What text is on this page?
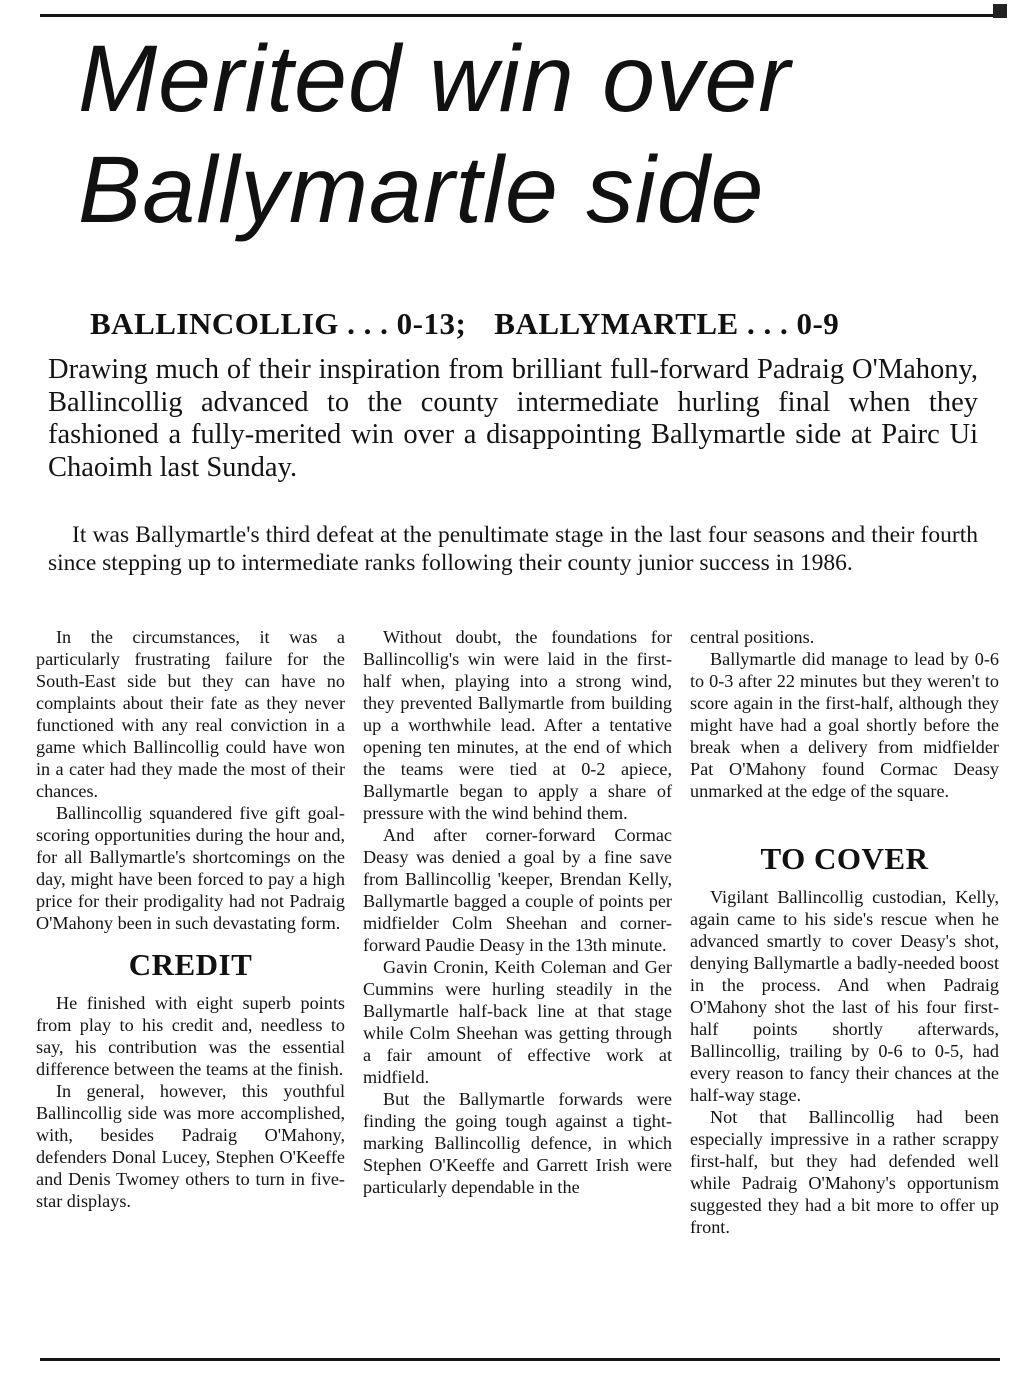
Merited win over
Ballymartle side
BALLINCOLLIG . . . 0-13; BALLYMARTLE . . . 0-9
Drawing much of their inspiration from brilliant full-forward Padraig O'Mahony, Ballincollig advanced to the county intermediate hurling final when they fashioned a fully-merited win over a disappointing Ballymartle side at Pairc Ui Chaoimh last Sunday.
It was Ballymartle's third defeat at the penultimate stage in the last four seasons and their fourth since stepping up to intermediate ranks following their county junior success in 1986.

In the circumstances, it was a particularly frustrating failure for the South-East side but they can have no complaints about their fate as they never functioned with any real conviction in a game which Ballincollig could have won in a cater had they made the most of their chances.

Ballincollig squandered five gift goal-scoring opportunities during the hour and, for all Ballymartle's shortcomings on the day, might have been forced to pay a high price for their prodigality had not Padraig O'Mahony been in such devastating form.

CREDIT

He finished with eight superb points from play to his credit and, needless to say, his contribution was the essential difference between the teams at the finish.

In general, however, this youthful Ballincollig side was more accomplished, with, besides Padraig O'Mahony, defenders Donal Lucey, Stephen O'Keeffe and Denis Twomey others to turn in five-star displays.

Without doubt, the foundations for Ballincollig's win were laid in the first-half when, playing into a strong wind, they prevented Ballymartle from building up a worthwhile lead. After a tentative opening ten minutes, at the end of which the teams were tied at 0-2 apiece, Ballymartle began to apply a share of pressure with the wind behind them.

And after corner-forward Cormac Deasy was denied a goal by a fine save from Ballincollig 'keeper, Brendan Kelly, Ballymartle bagged a couple of points per midfielder Colm Sheehan and corner-forward Paudie Deasy in the 13th minute.

Gavin Cronin, Keith Coleman and Ger Cummins were hurling steadily in the Ballymartle half-back line at that stage while Colm Sheehan was getting through a fair amount of effective work at midfield.

But the Ballymartle forwards were finding the going tough against a tight-marking Ballincollig defence, in which Stephen O'Keeffe and Garrett Irish were particularly dependable in the

central positions.

Ballymartle did manage to lead by 0-6 to 0-3 after 22 minutes but they weren't to score again in the first-half, although they might have had a goal shortly before the break when a delivery from midfielder Pat O'Mahony found Cormac Deasy unmarked at the edge of the square.

TO COVER

Vigilant Ballincollig custodian, Kelly, again came to his side's rescue when he advanced smartly to cover Deasy's shot, denying Ballymartle a badly-needed boost in the process. And when Padraig O'Mahony shot the last of his four first-half points shortly afterwards, Ballincollig, trailing by 0-6 to 0-5, had every reason to fancy their chances at the half-way stage.

Not that Ballincollig had been especially impressive in a rather scrappy first-half, but they had defended well while Padraig O'Mahony's opportunism suggested they had a bit more to offer up front.
